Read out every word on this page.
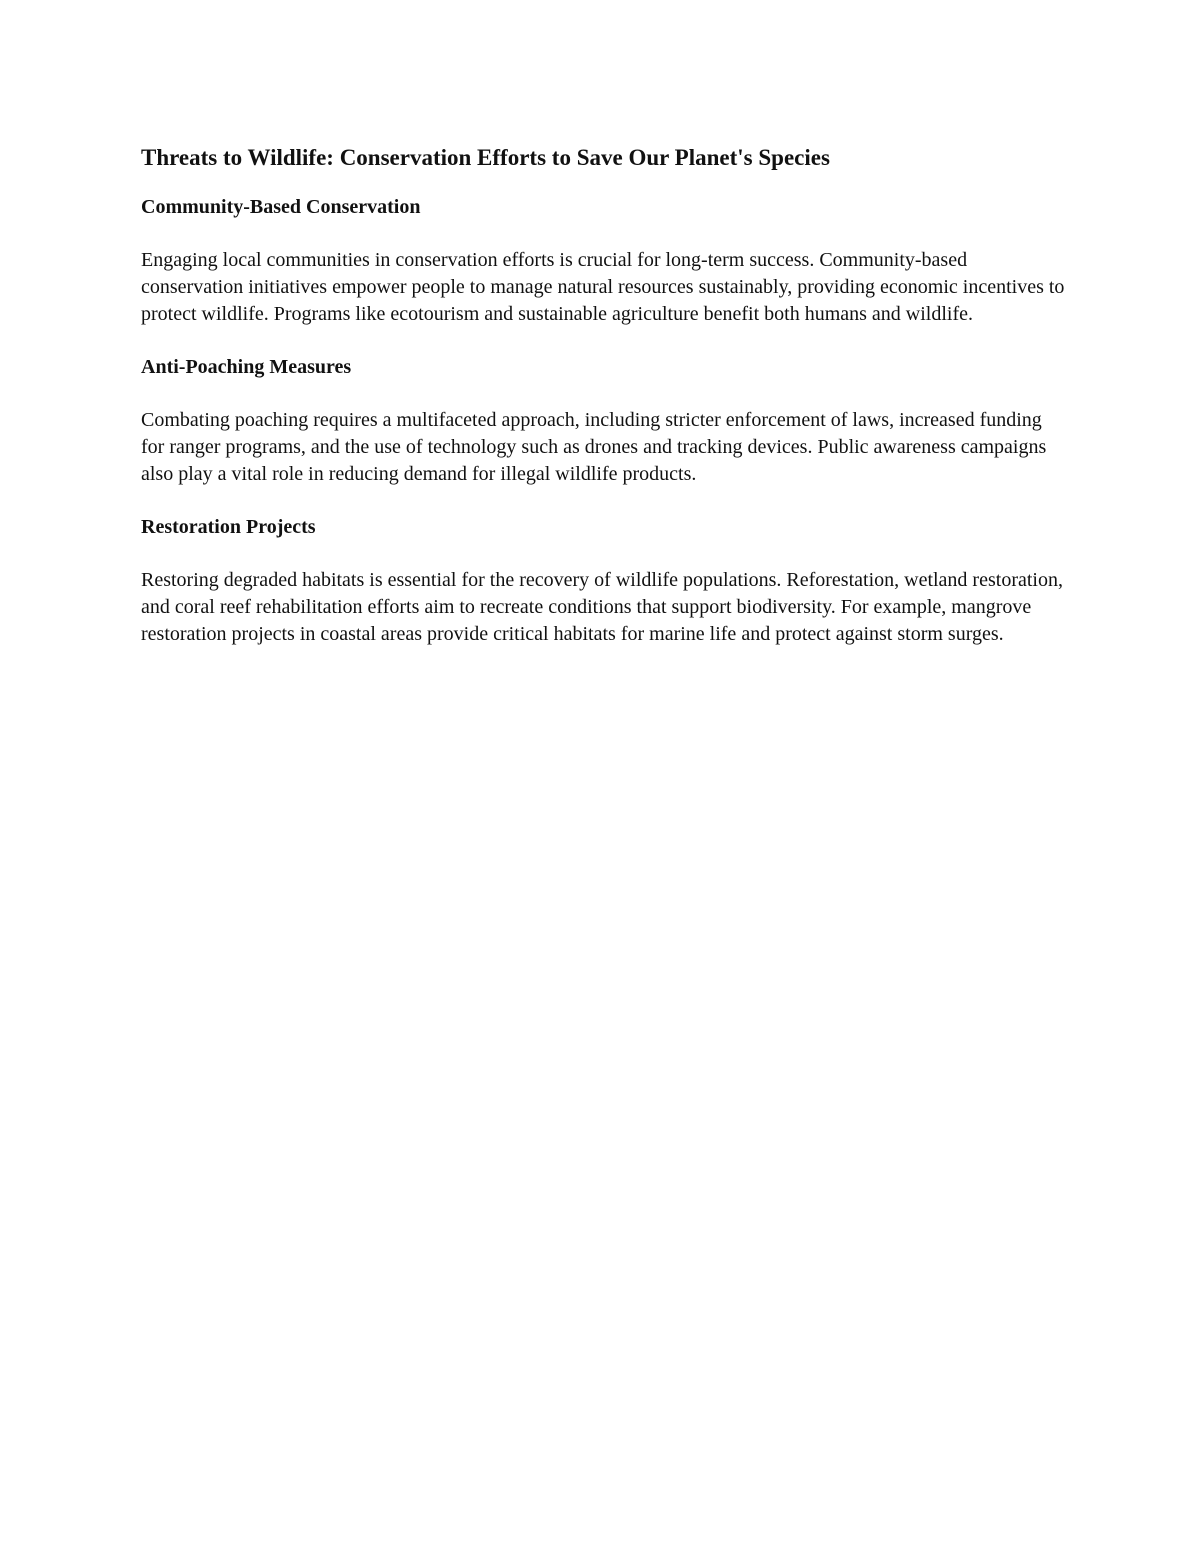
Threats to Wildlife: Conservation Efforts to Save Our Planet's Species
Community-Based Conservation

Engaging local communities in conservation efforts is crucial for long-term success. Community-based conservation initiatives empower people to manage natural resources sustainably, providing economic incentives to protect wildlife. Programs like ecotourism and sustainable agriculture benefit both humans and wildlife.

Anti-Poaching Measures

Combating poaching requires a multifaceted approach, including stricter enforcement of laws, increased funding for ranger programs, and the use of technology such as drones and tracking devices. Public awareness campaigns also play a vital role in reducing demand for illegal wildlife products.

Restoration Projects

Restoring degraded habitats is essential for the recovery of wildlife populations. Reforestation, wetland restoration, and coral reef rehabilitation efforts aim to recreate conditions that support biodiversity. For example, mangrove restoration projects in coastal areas provide critical habitats for marine life and protect against storm surges.
